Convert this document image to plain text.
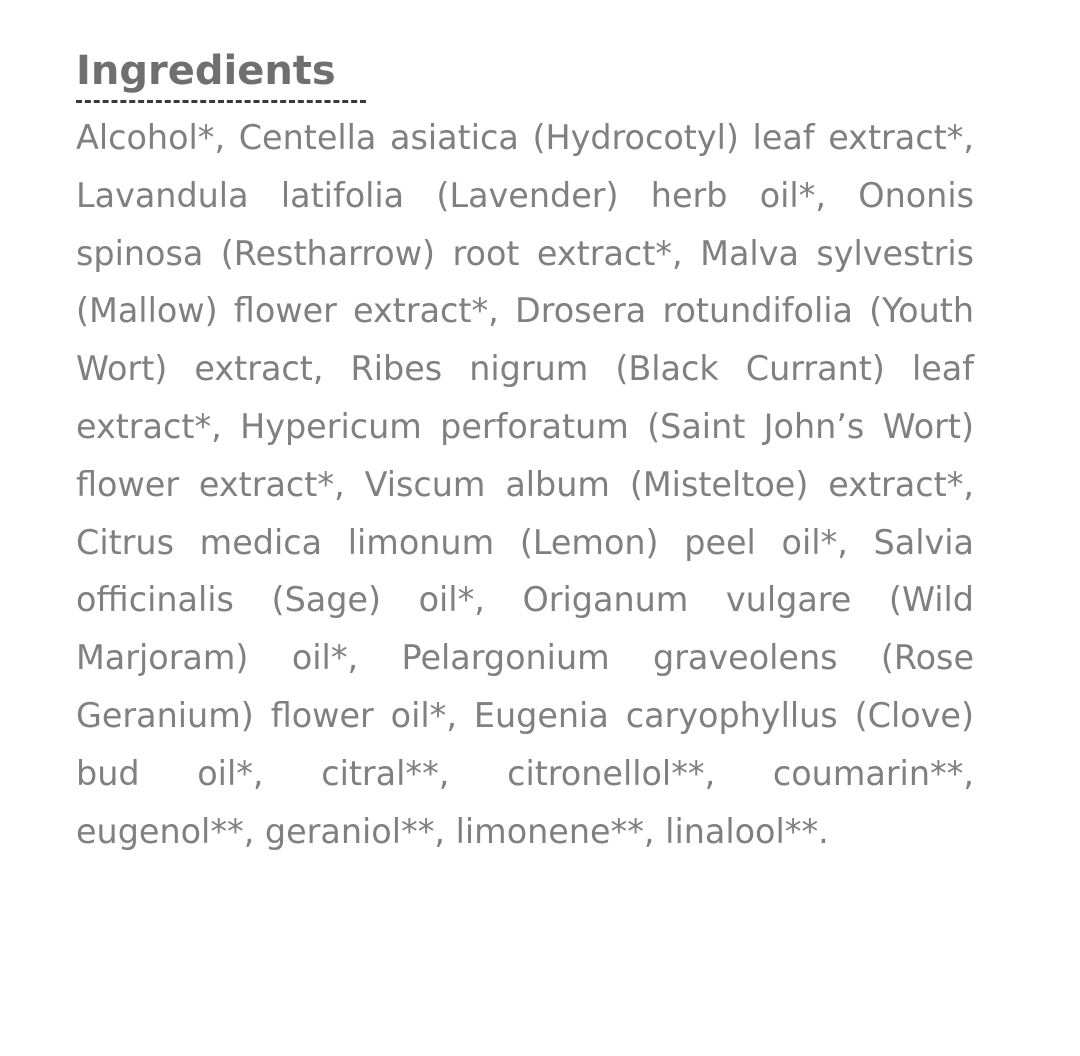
Ingredients

Alcohol*, Centella asiatica (Hydrocotyl) leaf extract*, Lavandula latifolia (Lavender) herb oil*, Ononis spinosa (Restharrow) root extract*, Malva sylvestris (Mallow) flower extract*, Drosera rotundifolia (Youth Wort) extract, Ribes nigrum (Black Currant) leaf extract*, Hypericum perforatum (Saint John’s Wort) flower extract*, Viscum album (Misteltoe) extract*, Citrus medica limonum (Lemon) peel oil*, Salvia officinalis (Sage) oil*, Origanum vulgare (Wild Marjoram) oil*, Pelargonium graveolens (Rose Geranium) flower oil*, Eugenia caryophyllus (Clove) bud oil*, citral**, citronellol**, coumarin**, eugenol**, geraniol**, limonene**, linalool**.
